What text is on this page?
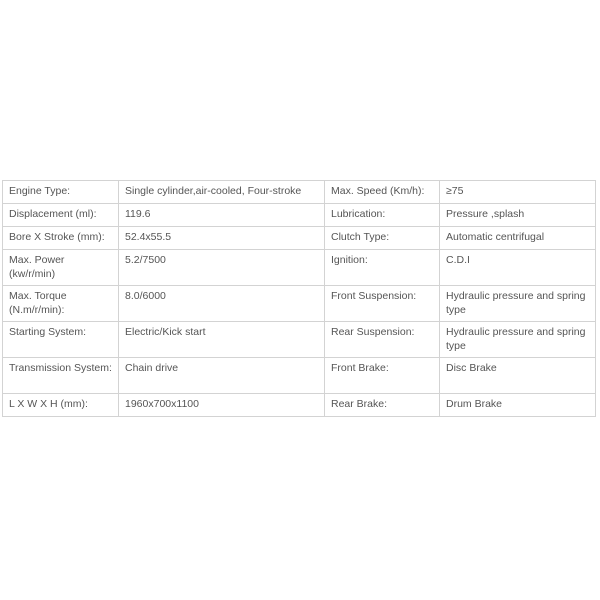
Engine Type:	Single cylinder,air-cooled, Four-stroke	Max. Speed (Km/h):	≥75
Displacement (ml):	119.6	Lubrication:	Pressure ,splash
Bore X Stroke (mm):	52.4x55.5	Clutch Type:	Automatic centrifugal
Max. Power (kw/r/min)	5.2/7500	Ignition:	C.D.I
Max. Torque (N.m/r/min):	8.0/6000	Front Suspension:	Hydraulic pressure and spring type
Starting System:	Electric/Kick start	Rear Suspension:	Hydraulic pressure and spring type
Transmission System:	Chain drive	Front Brake:	Disc Brake
L X W X H (mm):	1960x700x1100	Rear Brake:	Drum Brake
